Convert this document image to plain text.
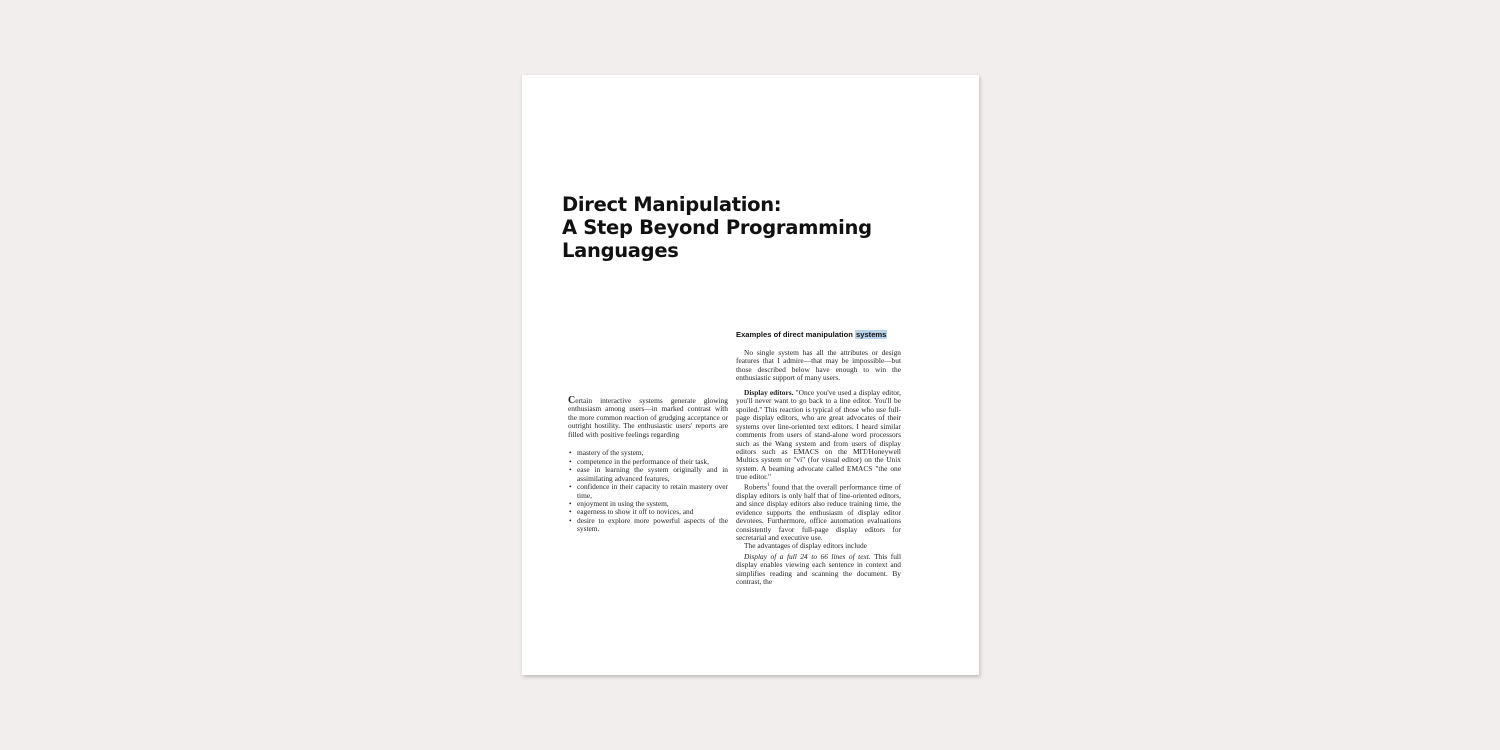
Direct Manipulation:
A Step Beyond Programming
Languages

Certain interactive systems generate glowing enthusiasm among users—in marked contrast with the more common reaction of grudging acceptance or outright hostility. The enthusiastic users' reports are filled with positive feelings regarding

• mastery of the system,
• competence in the performance of their task,
• ease in learning the system originally and in assimilating advanced features,
• confidence in their capacity to retain mastery over time,
• enjoyment in using the system,
• eagerness to show it off to novices, and
• desire to explore more powerful aspects of the system.
Examples of direct manipulation systems

No single system has all the attributes or design features that I admire—that may be impossible—but those described below have enough to win the enthusiastic support of many users.

Display editors. "Once you've used a display editor, you'll never want to go back to a line editor. You'll be spoiled." This reaction is typical of those who use full-page display editors, who are great advocates of their systems over line-oriented text editors. I heard similar comments from users of stand-alone word processors such as the Wang system and from users of display editors such as EMACS on the MIT/Honeywell Multics system or "vi" (for visual editor) on the Unix system. A beaming advocate called EMACS "the one true editor."

Roberts$^1$ found that the overall performance time of display editors is only half that of line-oriented editors, and since display editors also reduce training time, the evidence supports the enthusiasm of display editor devotees. Furthermore, office automation evaluations consistently favor full-page display editors for secretarial and executive use.

The advantages of display editors include

Display of a full 24 to 66 lines of text. This full display enables viewing each sentence in context and simplifies reading and scanning the document. By contrast, the
